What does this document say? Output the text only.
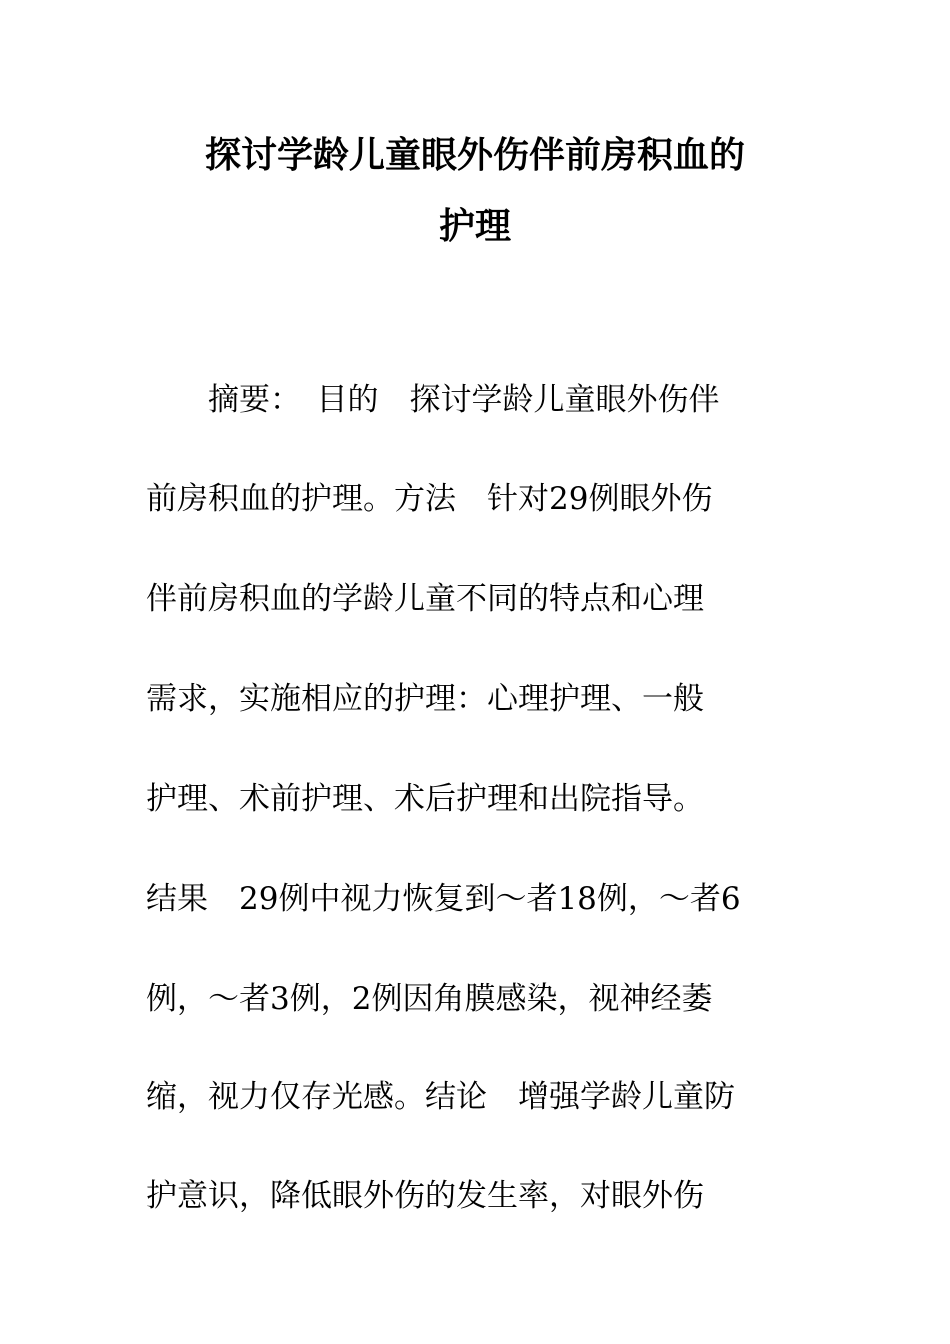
探讨学龄儿童眼外伤伴前房积血的
护理
　　摘要：　目的　探讨学龄儿童眼外伤伴
前房积血的护理。方法　针对29例眼外伤
伴前房积血的学龄儿童不同的特点和心理
需求，实施相应的护理：心理护理、一般
护理、术前护理、术后护理和出院指导。
结果　29例中视力恢复到～者18例，～者6
例，～者3例，2例因角膜感染，视神经萎
缩，视力仅存光感。结论　增强学龄儿童防
护意识，降低眼外伤的发生率，对眼外伤
